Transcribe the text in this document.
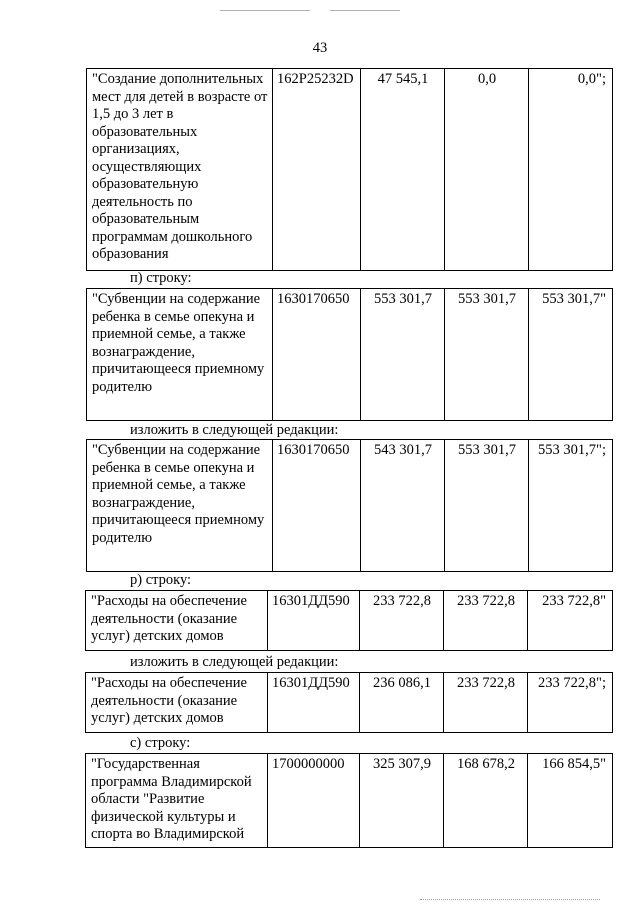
43
"Создание дополнительных мест для детей в возрасте от 1,5 до 3 лет в образовательных организациях, осуществляющих образовательную деятельность по образовательным программам дошкольного образования	162P25232D	47 545,1	0,0	0,0";
п) строку:
"Субвенции на содержание ребенка в семье опекуна и приемной семье, а также вознаграждение, причитающееся приемному родителю	1630170650	553 301,7	553 301,7	553 301,7"
изложить в следующей редакции:
"Субвенции на содержание ребенка в семье опекуна и приемной семье, а также вознаграждение, причитающееся приемному родителю	1630170650	543 301,7	553 301,7	553 301,7";
р) строку:
"Расходы на обеспечение деятельности (оказание услуг) детских домов	16301ДД590	233 722,8	233 722,8	233 722,8"
изложить в следующей редакции:
"Расходы на обеспечение деятельности (оказание услуг) детских домов	16301ДД590	236 086,1	233 722,8	233 722,8";
с) строку:
"Государственная программа Владимирской области "Развитие физической культуры и спорта во Владимирской	1700000000	325 307,9	168 678,2	166 854,5"
